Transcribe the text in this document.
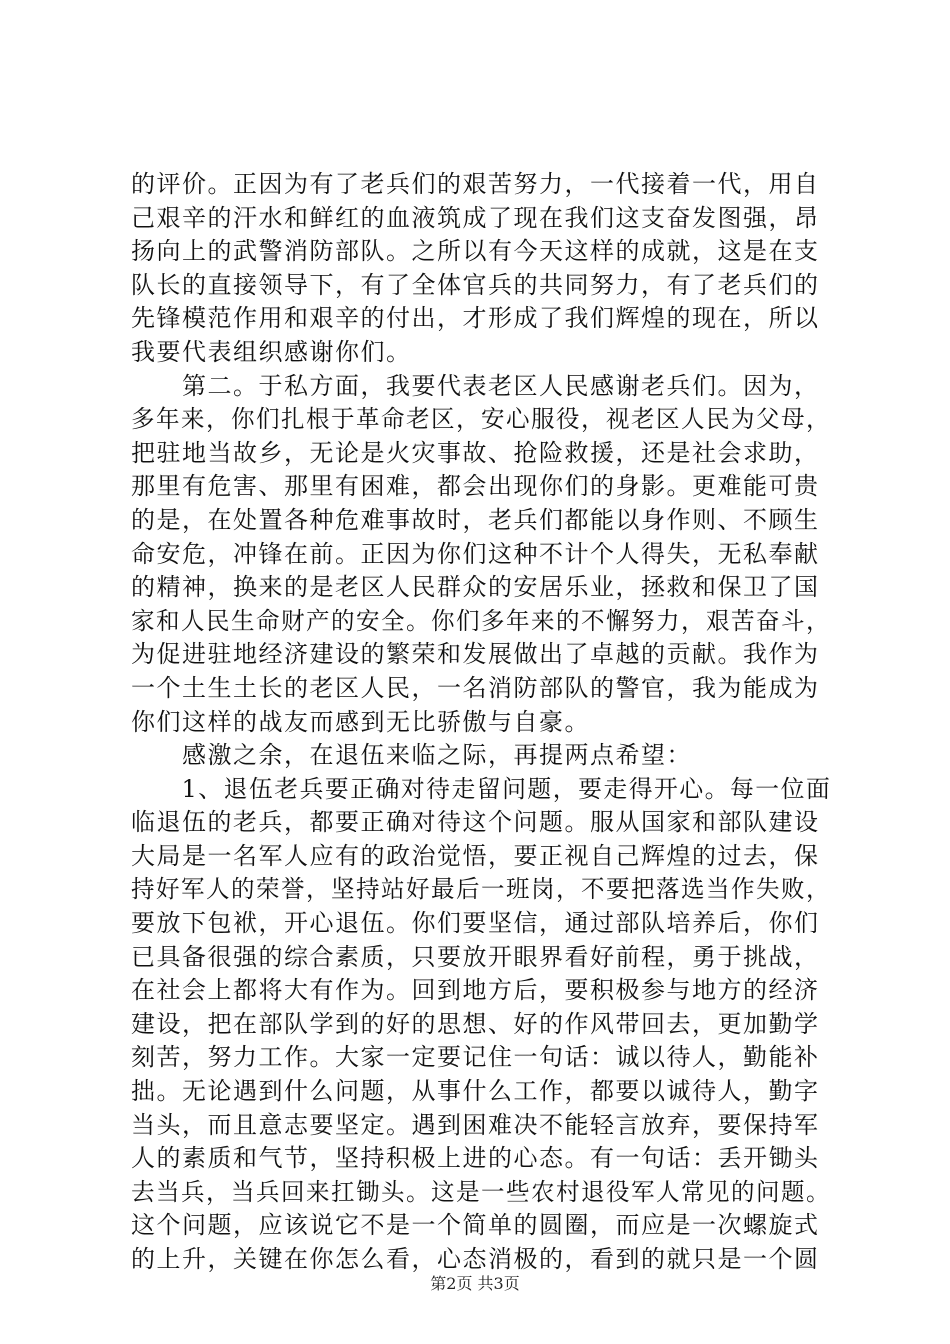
的评价。正因为有了老兵们的艰苦努力，一代接着一代，用自
己艰辛的汗水和鲜红的血液筑成了现在我们这支奋发图强，昂
扬向上的武警消防部队。之所以有今天这样的成就，这是在支
队长的直接领导下，有了全体官兵的共同努力，有了老兵们的
先锋模范作用和艰辛的付出，才形成了我们辉煌的现在，所以
我要代表组织感谢你们。
　　第二。于私方面，我要代表老区人民感谢老兵们。因为，
多年来，你们扎根于革命老区，安心服役，视老区人民为父母，
把驻地当故乡，无论是火灾事故、抢险救援，还是社会求助，
那里有危害、那里有困难，都会出现你们的身影。更难能可贵
的是，在处置各种危难事故时，老兵们都能以身作则、不顾生
命安危，冲锋在前。正因为你们这种不计个人得失，无私奉献
的精神，换来的是老区人民群众的安居乐业，拯救和保卫了国
家和人民生命财产的安全。你们多年来的不懈努力，艰苦奋斗，
为促进驻地经济建设的繁荣和发展做出了卓越的贡献。我作为
一个土生土长的老区人民，一名消防部队的警官，我为能成为
你们这样的战友而感到无比骄傲与自豪。
　　感激之余，在退伍来临之际，再提两点希望：
　　1、退伍老兵要正确对待走留问题，要走得开心。每一位面
临退伍的老兵，都要正确对待这个问题。服从国家和部队建设
大局是一名军人应有的政治觉悟，要正视自己辉煌的过去，保
持好军人的荣誉，坚持站好最后一班岗，不要把落选当作失败，
要放下包袱，开心退伍。你们要坚信，通过部队培养后，你们
已具备很强的综合素质，只要放开眼界看好前程，勇于挑战，
在社会上都将大有作为。回到地方后，要积极参与地方的经济
建设，把在部队学到的好的思想、好的作风带回去，更加勤学
刻苦，努力工作。大家一定要记住一句话：诚以待人，勤能补
拙。无论遇到什么问题，从事什么工作，都要以诚待人，勤字
当头，而且意志要坚定。遇到困难决不能轻言放弃，要保持军
人的素质和气节，坚持积极上进的心态。有一句话：丢开锄头
去当兵，当兵回来扛锄头。这是一些农村退役军人常见的问题。
这个问题，应该说它不是一个简单的圆圈，而应是一次螺旋式
的上升，关键在你怎么看，心态消极的，看到的就只是一个圆
第2页 共3页
